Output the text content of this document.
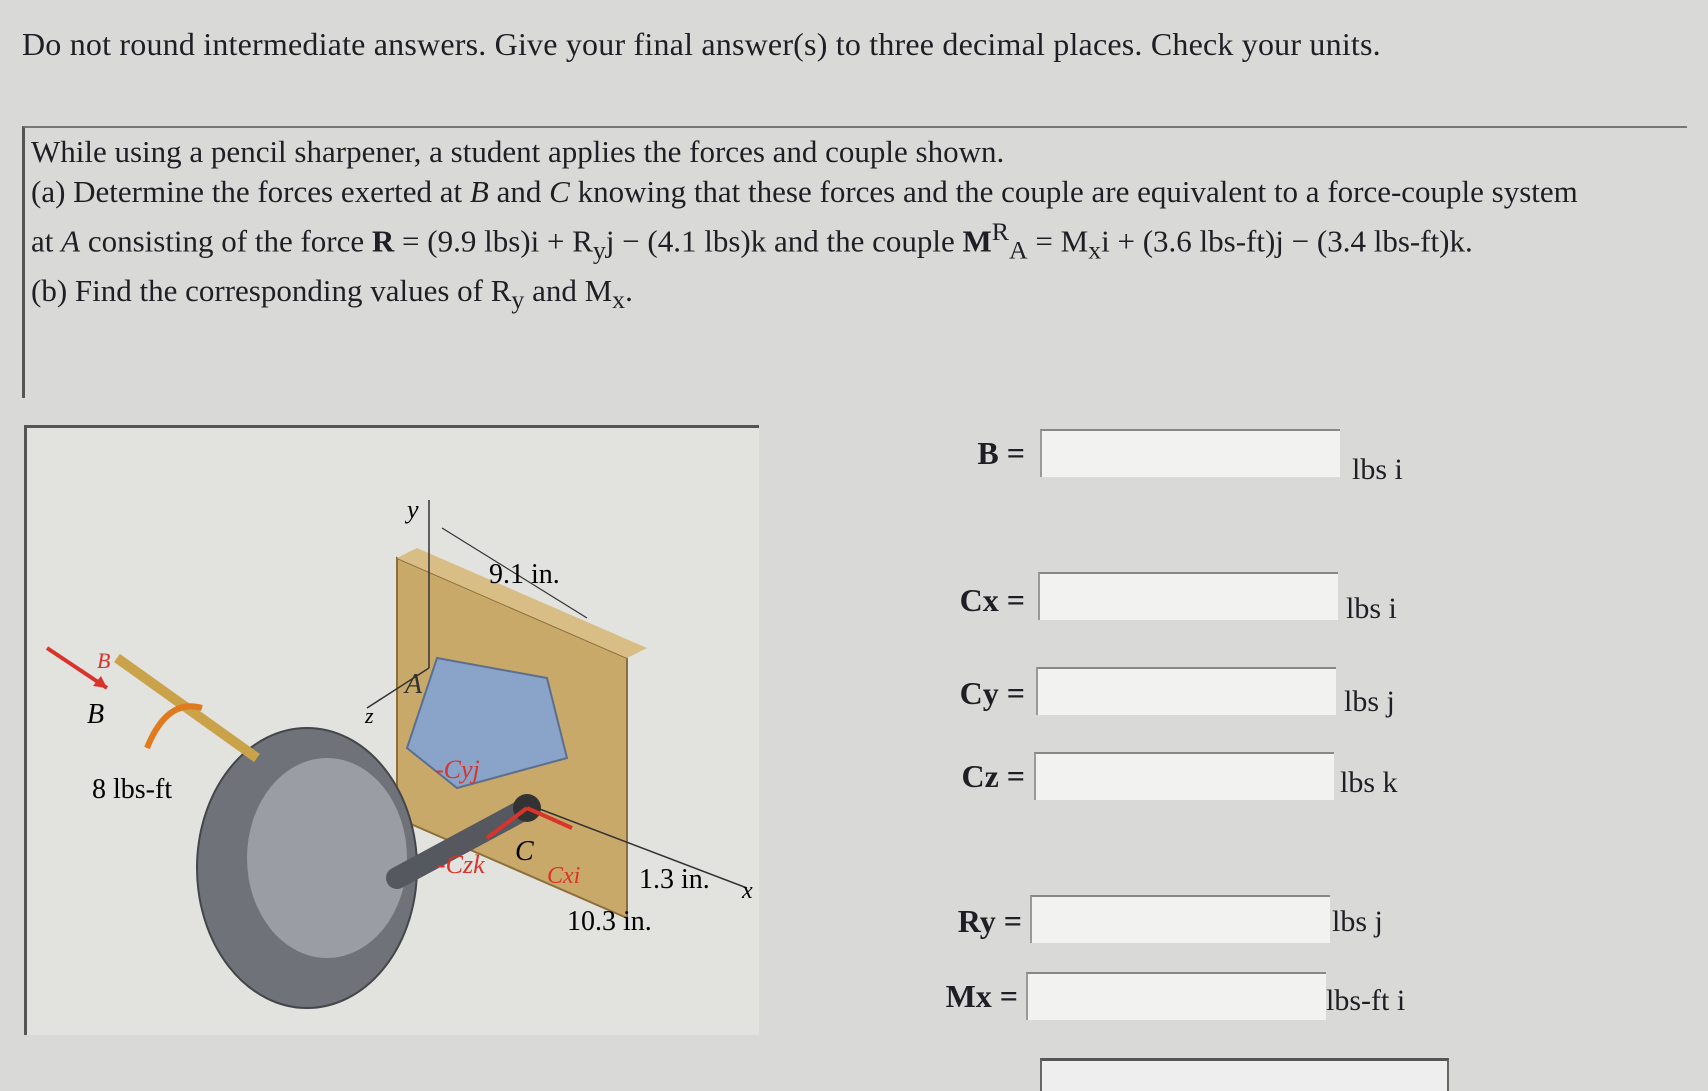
Do not round intermediate answers. Give your final answer(s) to three decimal places. Check your units.

While using a pencil sharpener, a student applies the forces and couple shown.

(a) Determine the forces exerted at B and C knowing that these forces and the couple are equivalent to a force-couple system

at A consisting of the force R = (9.9 $lbs)i + R_yj - (4.1$ lbs)k and the couple $M^R_A = M_xi + (3.6$ lbs-ft)j − (3.4 lbs-ft)k.

(b) Find the corresponding values of $R_y$ and $M_x$.

y
9.1 in.
x
z
A
B
B
8 lbs-ft
-Cyj
-Czk	Cxi
C
1.3 in.
10.3 in.
B =	lbs i
Cx =	lbs i
Cy =	lbs j
Cz =	lbs k
Ry =	lbs j
Mx =	lbs-ft i
